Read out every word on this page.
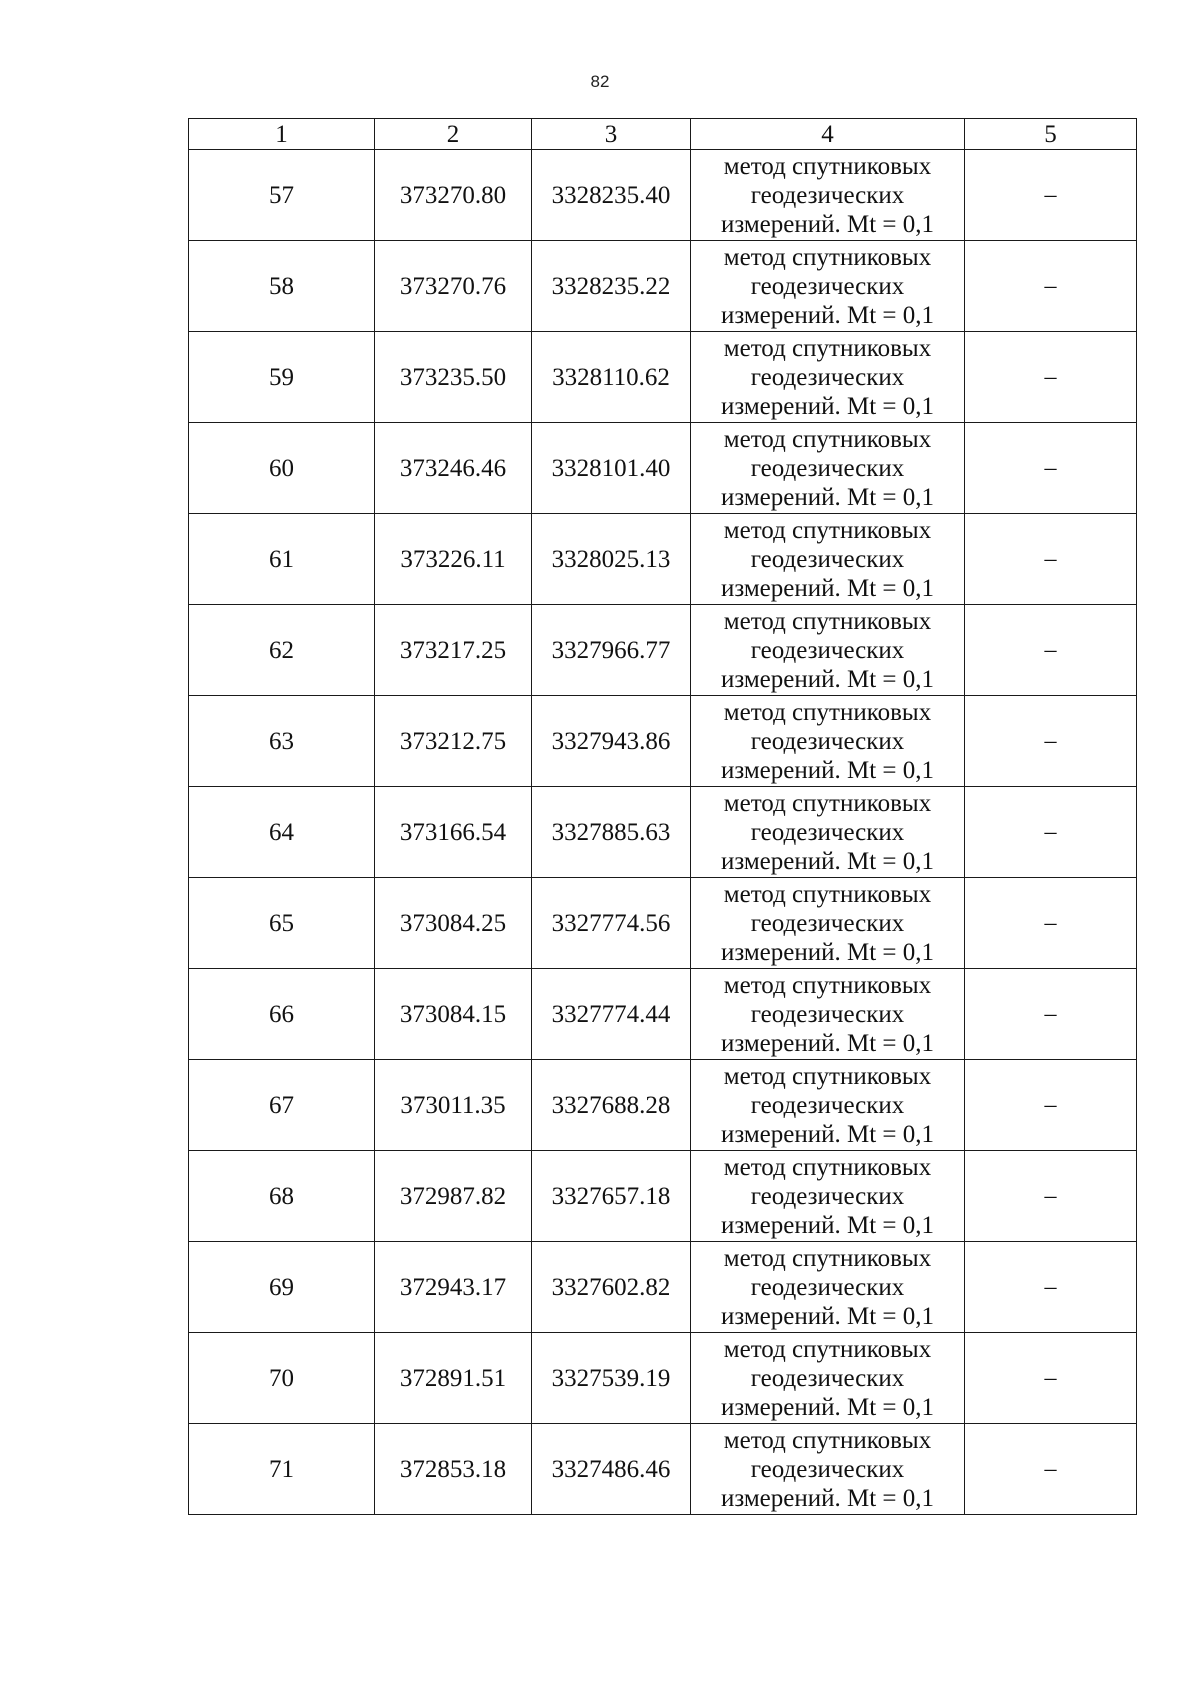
82
1	2	3	4	5
57	373270.80	3328235.40	метод спутниковых геодезических измерений. Mt = 0,1	–
58	373270.76	3328235.22	метод спутниковых геодезических измерений. Mt = 0,1	–
59	373235.50	3328110.62	метод спутниковых геодезических измерений. Mt = 0,1	–
60	373246.46	3328101.40	метод спутниковых геодезических измерений. Mt = 0,1	–
61	373226.11	3328025.13	метод спутниковых геодезических измерений. Mt = 0,1	–
62	373217.25	3327966.77	метод спутниковых геодезических измерений. Mt = 0,1	–
63	373212.75	3327943.86	метод спутниковых геодезических измерений. Mt = 0,1	–
64	373166.54	3327885.63	метод спутниковых геодезических измерений. Mt = 0,1	–
65	373084.25	3327774.56	метод спутниковых геодезических измерений. Mt = 0,1	–
66	373084.15	3327774.44	метод спутниковых геодезических измерений. Mt = 0,1	–
67	373011.35	3327688.28	метод спутниковых геодезических измерений. Mt = 0,1	–
68	372987.82	3327657.18	метод спутниковых геодезических измерений. Mt = 0,1	–
69	372943.17	3327602.82	метод спутниковых геодезических измерений. Mt = 0,1	–
70	372891.51	3327539.19	метод спутниковых геодезических измерений. Mt = 0,1	–
71	372853.18	3327486.46	метод спутниковых геодезических измерений. Mt = 0,1	–
